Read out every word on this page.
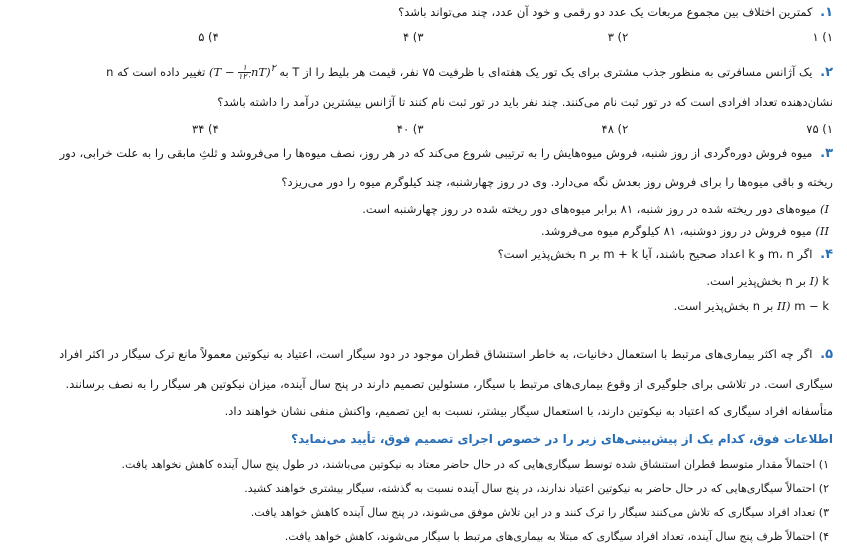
۱. کمترین اختلاف بین مجموع مربعات یک عدد دو رقمی و خود آن عدد، چند می‌تواند باشد؟
۱) ۱
۲) ۳
۳) ۴
۴) ۵
۲. یک آژانس مسافرتی به منظور جذب مشتری برای یک تور یک هفته‌ای با ظرفیت ۷۵ نفر، قیمت هر بلیط را از T به $(T - \frac{۱}{۱۲۰} nT)^۲$ تغییر داده است که n
نشان‌دهنده تعداد افرادی است که در تور ثبت نام می‌کنند. چند نفر باید در تور ثبت نام کنند تا آژانس بیشترین درآمد را داشته باشد؟
۱) ۷۵
۲) ۴۸
۳) ۴۰
۴) ۳۴
۳. میوه فروش دوره‌گردی از روز شنبه، فروش میوه‌هایش را به ترتیبی شروع می‌کند که در هر روز، نصف میوه‌ها را می‌فروشد و ثلثِ مابقی را به علت خرابی، دور
ریخته و باقی میوه‌ها را برای فروش روز بعدش نگه می‌دارد. وی در روز چهارشنبه، چند کیلوگرم میوه را دور می‌ریزد؟
I) میوه‌های دور ریخته شده در روز شنبه، ۸۱ برابر میوه‌های دور ریخته شده در روز چهارشنبه است.
II) میوه فروش در روز دوشنبه، ۸۱ کیلوگرم میوه می‌فروشد.
۴. اگر m، n و k اعداد صحیح باشند، آیا m + k بر n بخش‌پذیر است؟
I) k بر n بخش‌پذیر است.
II) m − k بر n بخش‌پذیر است.
۵. اگر چه اکثر بیماری‌های مرتبط با استعمال دخانیات، به خاطر استنشاق قطران موجود در دود سیگار است، اعتیاد به نیکوتین معمولاً مانع ترک سیگار در اکثر افراد
سیگاری است. در تلاشی برای جلوگیری از وقوع بیماری‌های مرتبط با سیگار، مسئولین تصمیم دارند در پنج سال آینده، میزان نیکوتین هر سیگار را به نصف برسانند.
متأسفانه افراد سیگاری که اعتیاد به نیکوتین دارند، با استعمال سیگار بیشتر، نسبت به این تصمیم، واکنش منفی نشان خواهند داد.
اطلاعات فوق، کدام یک از پیش‌بینی‌های زیر را در خصوص اجرای تصمیم فوق، تأیید می‌نماید؟
۱) احتمالاً مقدار متوسط قطران استنشاق شده توسط سیگاری‌هایی که در حال حاضر معتاد به نیکوتین می‌باشند، در طول پنج سال آینده کاهش نخواهد یافت.
۲) احتمالاً سیگاری‌هایی که در حال حاضر به نیکوتین اعتیاد ندارند، در پنج سال آینده نسبت به گذشته، سیگار بیشتری خواهند کشید.
۳) تعداد افراد سیگاری که تلاش می‌کنند سیگار را ترک کنند و در این تلاش موفق می‌شوند، در پنج سال آینده کاهش خواهد یافت.
۴) احتمالاً ظرف پنج سال آینده، تعداد افراد سیگاری که مبتلا به بیماری‌های مرتبط با سیگار می‌شوند، کاهش خواهد یافت.
